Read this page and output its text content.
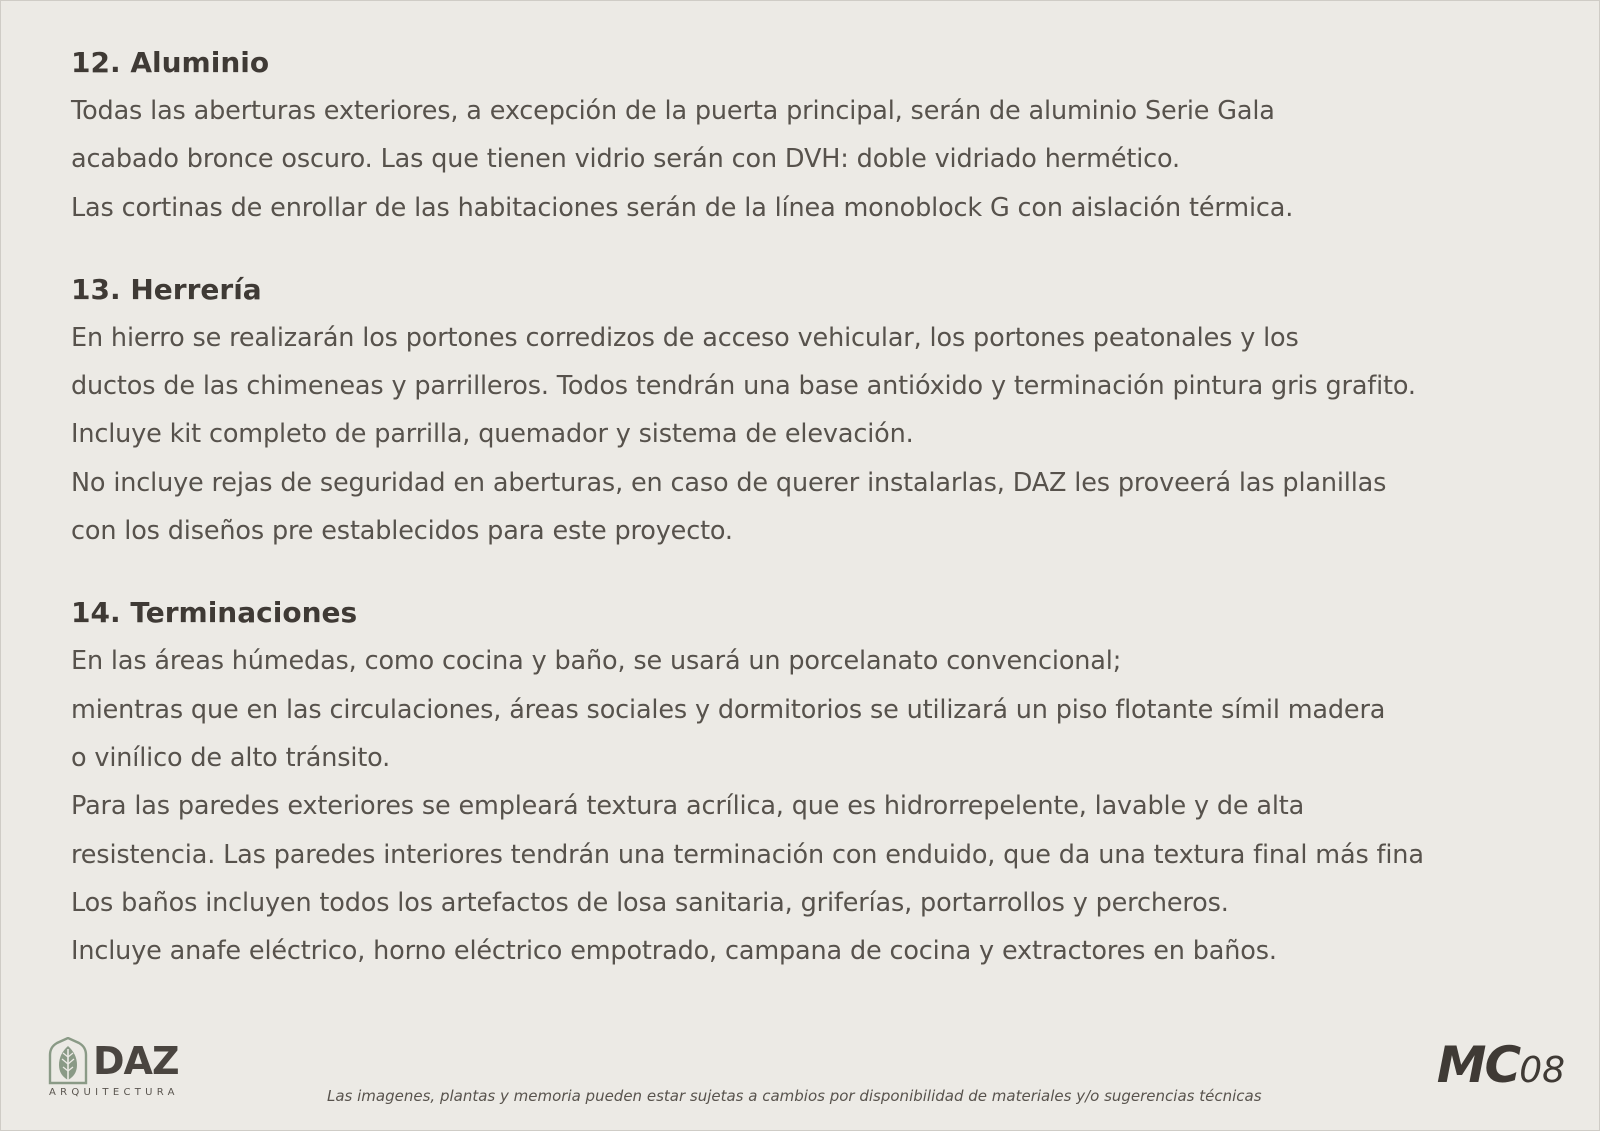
12. Aluminio
Todas las aberturas exteriores, a excepción de la puerta principal, serán de aluminio Serie Gala
acabado bronce oscuro. Las que tienen vidrio serán con DVH: doble vidriado hermético.
Las cortinas de enrollar de las habitaciones serán de la línea monoblock G con aislación térmica.
13. Herrería
En hierro se realizarán los portones corredizos de acceso vehicular, los portones peatonales y los
ductos de las chimeneas y parrilleros. Todos tendrán una base antióxido y terminación pintura gris grafito.
Incluye kit completo de parrilla, quemador y sistema de elevación.
No incluye rejas de seguridad en aberturas, en caso de querer instalarlas, DAZ les proveerá las planillas
con los diseños pre establecidos para este proyecto.
14. Terminaciones
En las áreas húmedas, como cocina y baño, se usará un porcelanato convencional;
mientras que en las circulaciones, áreas sociales y dormitorios se utilizará un piso flotante símil madera
o vinílico de alto tránsito.
Para las paredes exteriores se empleará textura acrílica, que es hidrorrepelente, lavable y de alta
resistencia. Las paredes interiores tendrán una terminación con enduido, que da una textura final más fina
Los baños incluyen todos los artefactos de losa sanitaria, griferías, portarrollos y percheros.
Incluye anafe eléctrico, horno eléctrico empotrado, campana de cocina y extractores en baños.
DAZ
ARQUITECTURA	Las imagenes, plantas y memoria pueden estar sujetas a cambios por disponibilidad de materiales y/o sugerencias técnicas
MC08
